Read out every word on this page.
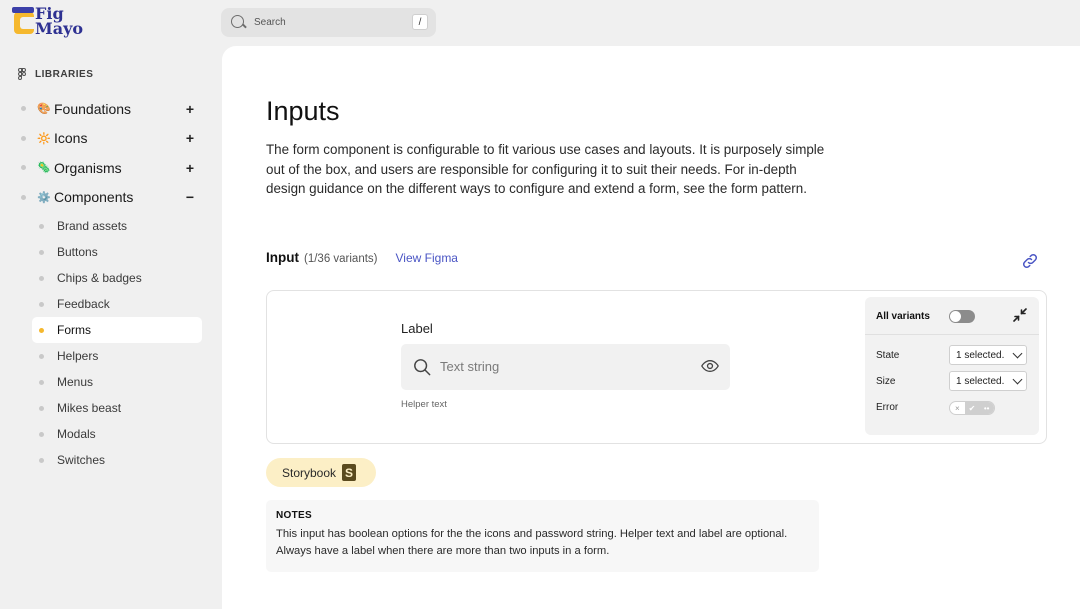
Fig
Mayo
Search	/
LIBRARIES
🎨 Foundations	+
🔆 Icons	+
🦠 Organisms	+
⚙️ Components	−
Brand assets
Buttons
Chips & badges
Feedback
Forms
Helpers
Menus
Mikes beast
Modals
Switches
Inputs

The form component is configurable to fit various use cases and layouts. It is purposely simple out of the box, and users are responsible for configuring it to suit their needs. For in-depth design guidance on the different ways to configure and extend a form, see the form pattern.

Input (1/36 variants) View Figma
Label
Text string
Helper text
All variants
State	1 selected.
Size	1 selected.
Error	×	✔	••
Storybook S
NOTES
This input has boolean options for the the icons and password string. Helper text and label are optional. Always have a label when there are more than two inputs in a form.
